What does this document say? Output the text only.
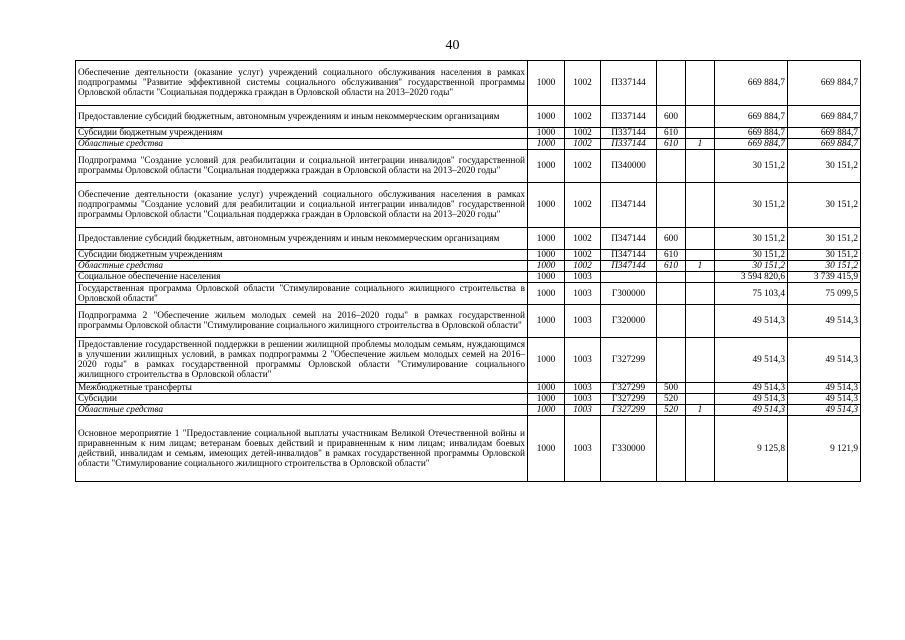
40
Обеспечение деятельности (оказание услуг) учреждений социального обслуживания населения в рамках подпрограммы "Развитие эффективной системы социального обслуживания" государственной программы Орловской области "Социальная поддержка граждан в Орловской области на 2013–2020 годы"	1000	1002	П337144			669 884,7	669 884,7
Предоставление субсидий бюджетным, автономным учреждениям и иным некоммерческим организациям	1000	1002	П337144	600		669 884,7	669 884,7
Субсидии бюджетным учреждениям	1000	1002	П337144	610		669 884,7	669 884,7
Областные средства	1000	1002	П337144	610	1	669 884,7	669 884,7
Подпрограмма "Создание условий для реабилитации и социальной интеграции инвалидов" государственной программы Орловской области "Социальная поддержка граждан в Орловской области на 2013–2020 годы"	1000	1002	П340000			30 151,2	30 151,2
Обеспечение деятельности (оказание услуг) учреждений социального обслуживания населения в рамках подпрограммы "Создание условий для реабилитации и социальной интеграции инвалидов" государственной программы Орловской области "Социальная поддержка граждан в Орловской области на 2013–2020 годы"	1000	1002	П347144			30 151,2	30 151,2
Предоставление субсидий бюджетным, автономным учреждениям и иным некоммерческим организациям	1000	1002	П347144	600		30 151,2	30 151,2
Субсидии бюджетным учреждениям	1000	1002	П347144	610		30 151,2	30 151,2
Областные средства	1000	1002	П347144	610	1	30 151,2	30 151,2
Социальное обеспечение населения	1000	1003				3 594 820,6	3 739 415,9
Государственная программа Орловской области "Стимулирование социального жилищного строительства в Орловской области"	1000	1003	Г300000			75 103,4	75 099,5
Подпрограмма 2 "Обеспечение жильем молодых семей на 2016–2020 годы" в рамках государственной программы Орловской области "Стимулирование социального жилищного строительства в Орловской области"	1000	1003	Г320000			49 514,3	49 514,3
Предоставление государственной поддержки в решении жилищной проблемы молодым семьям, нуждающимся в улучшении жилищных условий, в рамках подпрограммы 2 "Обеспечение жильем молодых семей на 2016–2020 годы" в рамках государственной программы Орловской области "Стимулирование социального жилищного строительства в Орловской области"	1000	1003	Г327299			49 514,3	49 514,3
Межбюджетные трансферты	1000	1003	Г327299	500		49 514,3	49 514,3
Субсидии	1000	1003	Г327299	520		49 514,3	49 514,3
Областные средства	1000	1003	Г327299	520	1	49 514,3	49 514,3
Основное мероприятие 1 "Предоставление социальной выплаты участникам Великой Отечественной войны и приравненным к ним лицам; ветеранам боевых действий и приравненным к ним лицам; инвалидам боевых действий, инвалидам и семьям, имеющих детей-инвалидов" в рамках государственной программы Орловской области "Стимулирование социального жилищного строительства в Орловской области"	1000	1003	Г330000			9 125,8	9 121,9
